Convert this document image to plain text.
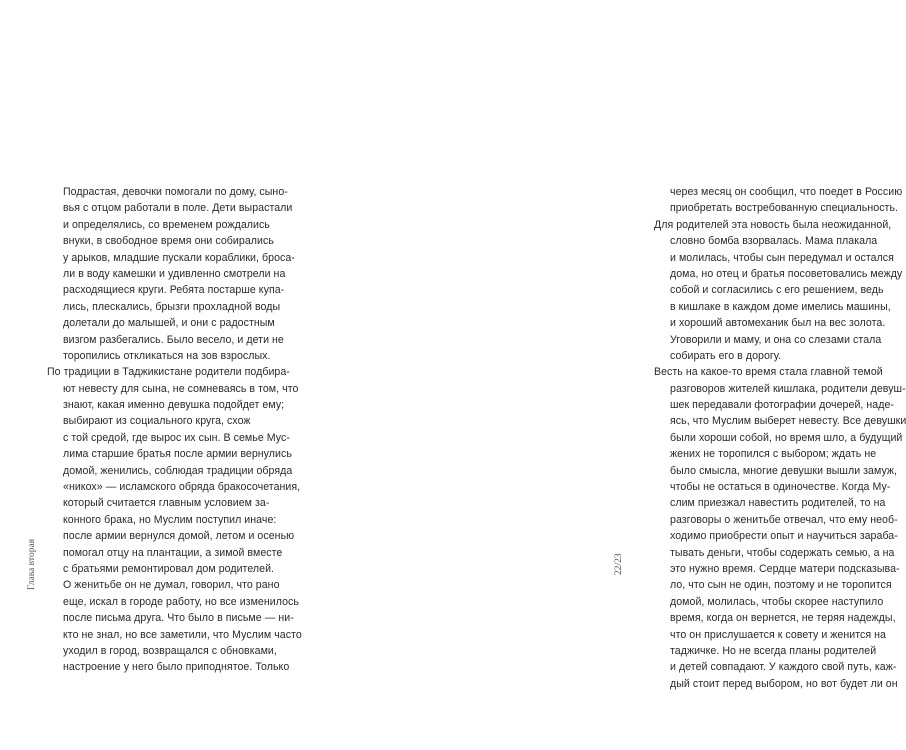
Подрастая, девочки помогали по дому, сыно-
вья с отцом работали в поле. Дети вырастали
и определялись, со временем рождались
внуки, в свободное время они собирались
у арыков, младшие пускали кораблики, броса-
ли в воду камешки и удивленно смотрели на
расходящиеся круги. Ребята постарше купа-
лись, плескались, брызги прохладной воды
долетали до малышей, и они с радостным
визгом разбегались. Было весело, и дети не
торопились откликаться на зов взрослых.
По традиции в Таджикистане родители подбира-
ют невесту для сына, не сомневаясь в том, что
знают, какая именно девушка подойдет ему;
выбирают из социального круга, схож
с той средой, где вырос их сын. В семье Мус-
лима старшие братья после армии вернулись
домой, женились, соблюдая традиции обряда
«никох» — исламского обряда бракосочетания,
который считается главным условием за-
конного брака, но Муслим поступил иначе:
после армии вернулся домой, летом и осенью
помогал отцу на плантации, а зимой вместе
с братьями ремонтировал дом родителей.
О женитьбе он не думал, говорил, что рано
еще, искал в городе работу, но все изменилось
после письма друга. Что было в письме — ни-
кто не знал, но все заметили, что Муслим часто
уходил в город, возвращался с обновками,
настроение у него было приподнятое. Только
Глава вторая
через месяц он сообщил, что поедет в Россию
приобретать востребованную специальность.
Для родителей эта новость была неожиданной,
словно бомба взорвалась. Мама плакала
и молилась, чтобы сын передумал и остался
дома, но отец и братья посоветовались между
собой и согласились с его решением, ведь
в кишлаке в каждом доме имелись машины,
и хороший автомеханик был на вес золота.
Уговорили и маму, и она со слезами стала
собирать его в дорогу.
Весть на какое-то время стала главной темой
разговоров жителей кишлака, родители девуш-
шек передавали фотографии дочерей, наде-
ясь, что Муслим выберет невесту. Все девушки
были хороши собой, но время шло, а будущий
жених не торопился с выбором; ждать не
было смысла, многие девушки вышли замуж,
чтобы не остаться в одиночестве. Когда Му-
слим приезжал навестить родителей, то на
разговоры о женитьбе отвечал, что ему необ-
ходимо приобрести опыт и научиться зараба-
тывать деньги, чтобы содержать семью, а на
это нужно время. Сердце матери подсказыва-
ло, что сын не один, поэтому и не торопится
домой, молилась, чтобы скорее наступило
время, когда он вернется, не теряя надежды,
что он прислушается к совету и женится на
таджичке. Но не всегда планы родителей
и детей совпадают. У каждого свой путь, каж-
дый стоит перед выбором, но вот будет ли он
22/23
